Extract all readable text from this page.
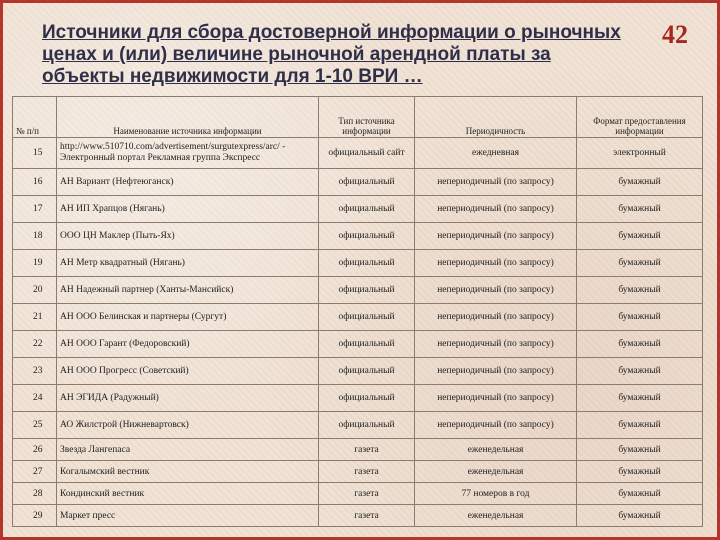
Источники для сбора достоверной информации о рыночных ценах и (или) величине рыночной арендной платы за объекты недвижимости для 1-10 ВРИ …
42
№ п/п	Наименование источника информации	Тип источника информации	Периодичность	Формат предоставления информации
15	http://www.510710.com/advertisement/surgutexpress/arc/ - Электронный портал Рекламная группа Экспресс	официальный сайт	ежедневная	электронный
16	АН Вариант (Нефтеюганск)	официальный	непериодичный (по запросу)	бумажный
17	АН ИП Храпцов (Нягань)	официальный	непериодичный (по запросу)	бумажный
18	ООО ЦН Маклер (Пыть-Ях)	официальный	непериодичный (по запросу)	бумажный
19	АН Метр квадратный (Нягань)	официальный	непериодичный (по запросу)	бумажный
20	АН Надежный партнер (Ханты-Мансийск)	официальный	непериодичный (по запросу)	бумажный
21	АН ООО Белинская и партнеры (Сургут)	официальный	непериодичный (по запросу)	бумажный
22	АН ООО Гарант (Федоровский)	официальный	непериодичный (по запросу)	бумажный
23	АН ООО Прогресс (Советский)	официальный	непериодичный (по запросу)	бумажный
24	АН ЭГИДА (Радужный)	официальный	непериодичный (по запросу)	бумажный
25	АО Жилстрой (Нижневартовск)	официальный	непериодичный (по запросу)	бумажный
26	Звезда Лангепаса	газета	еженедельная	бумажный
27	Когалымский вестник	газета	еженедельная	бумажный
28	Кондинский вестник	газета	77 номеров в год	бумажный
29	Маркет пресс	газета	еженедельная	бумажный
